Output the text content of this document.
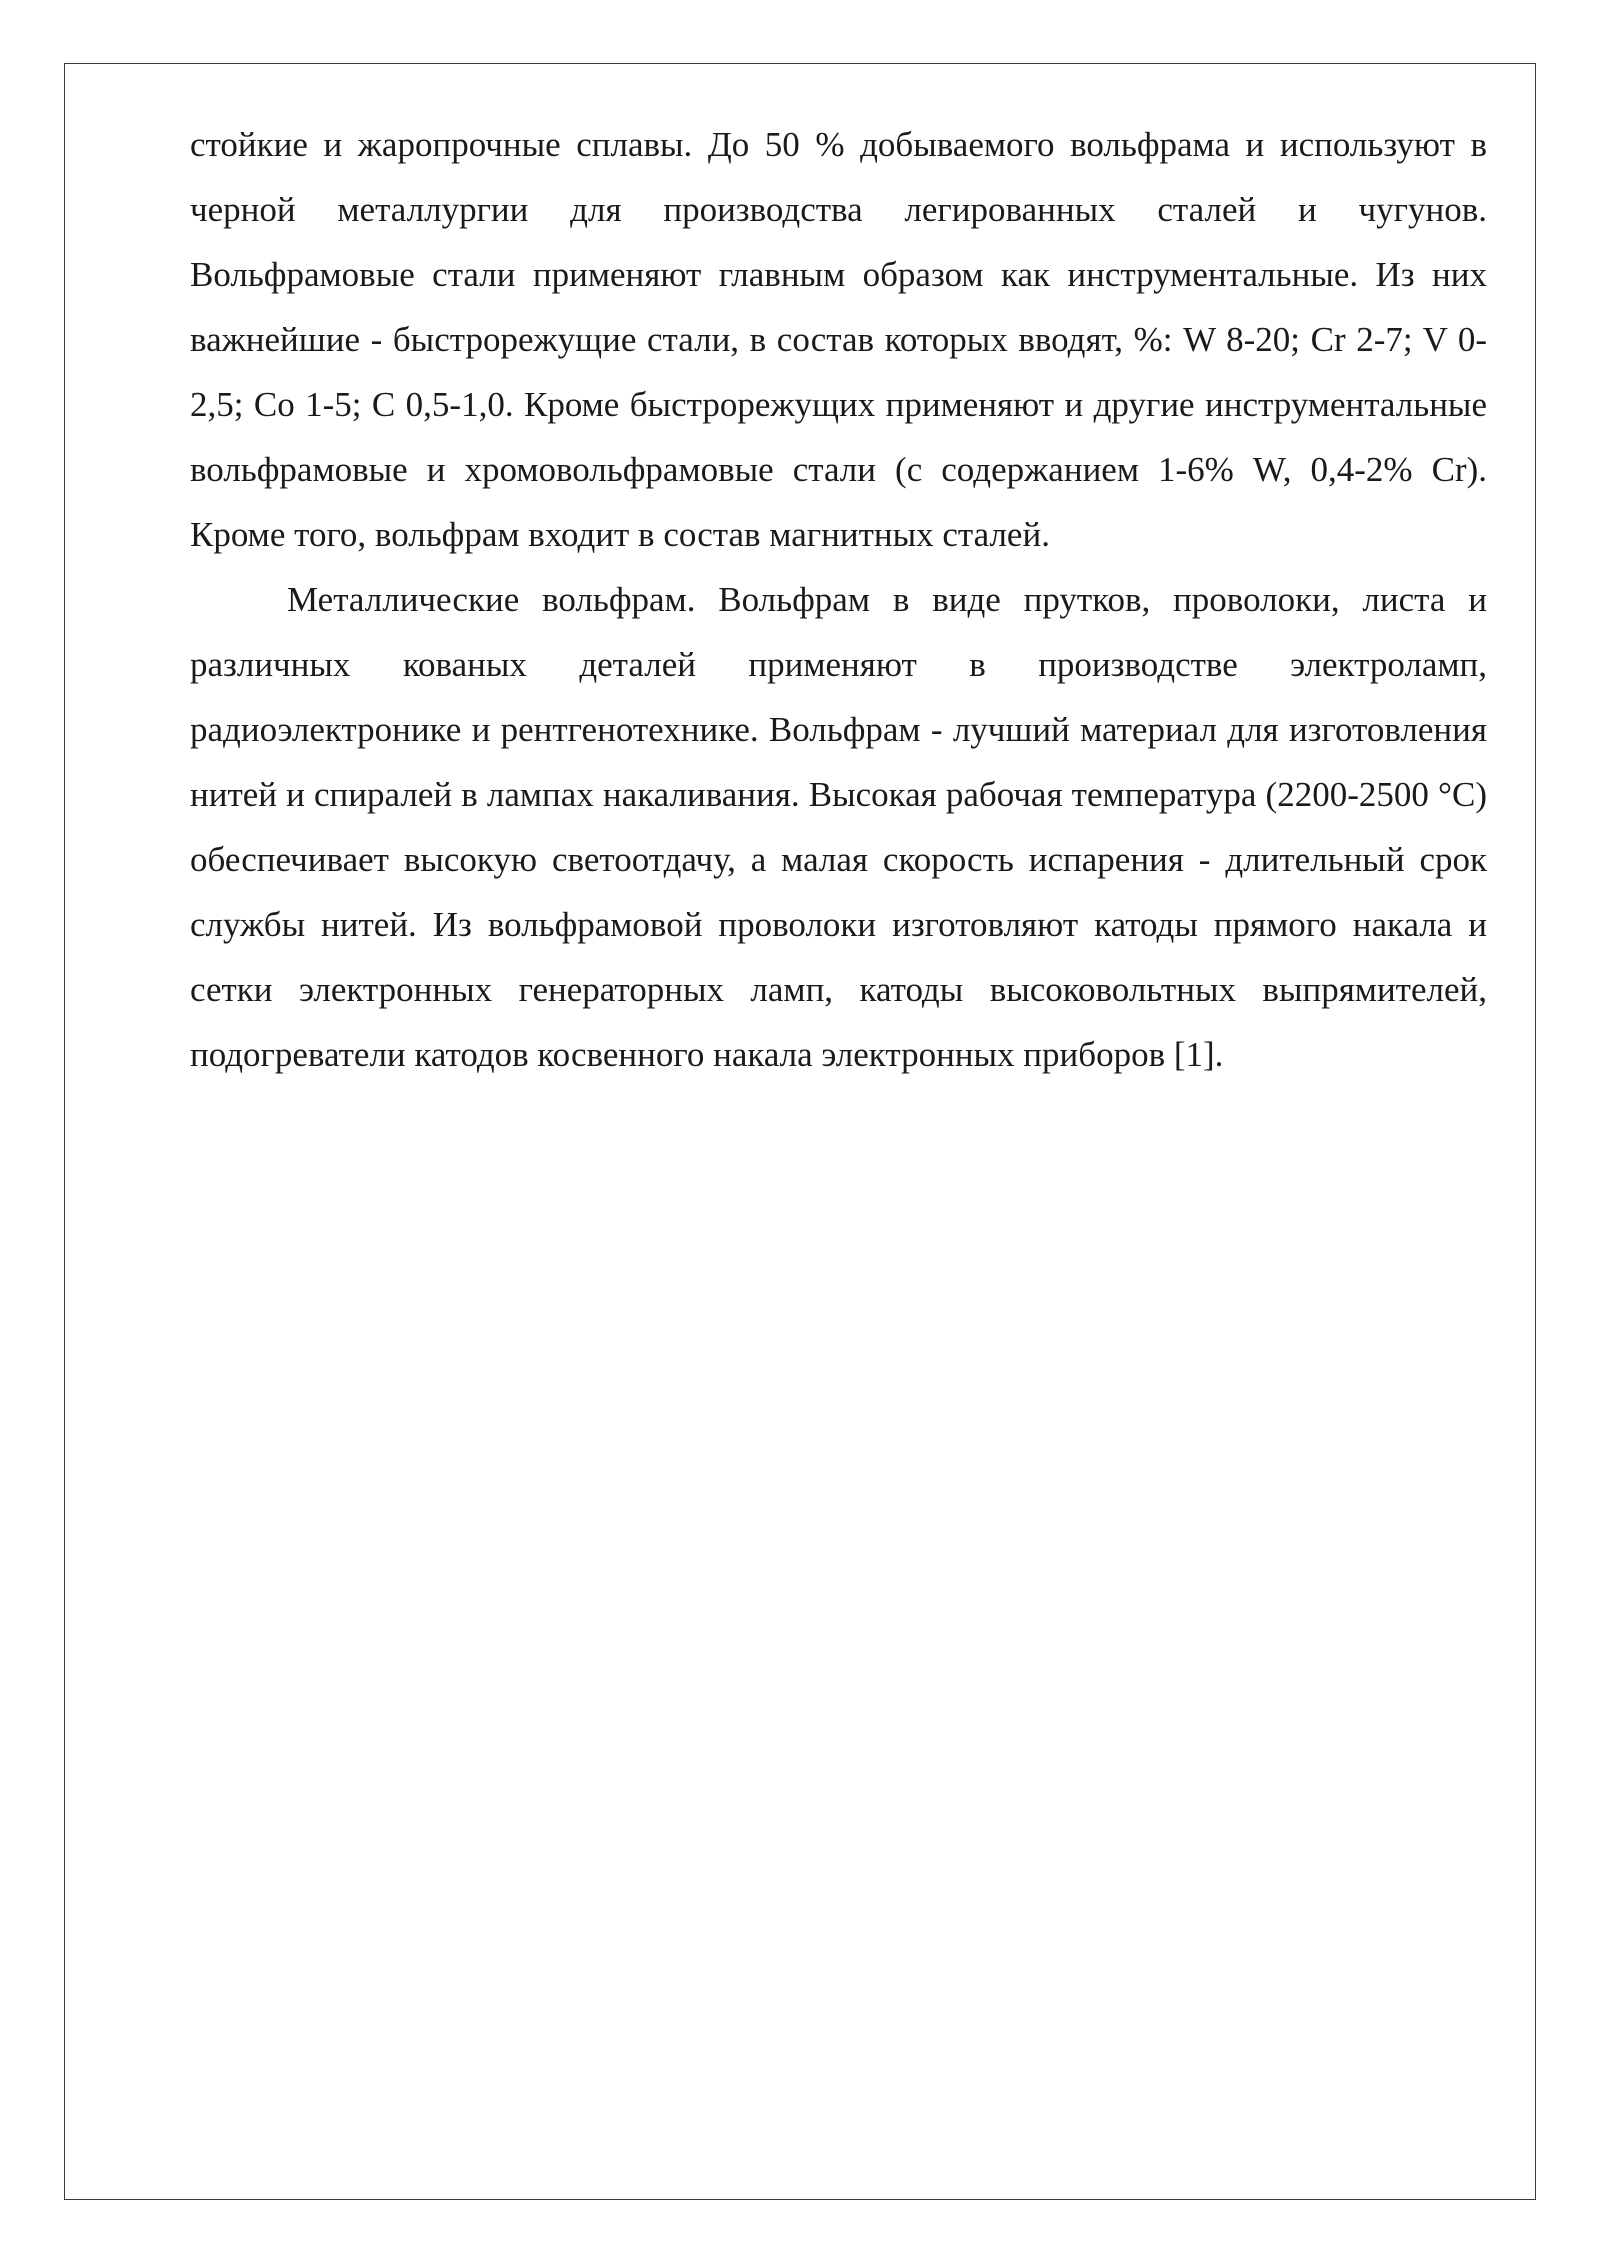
стойкие и жаропрочные сплавы. До 50 % добываемого вольфрама и используют в черной металлургии для производства легированных сталей и чугунов. Вольфрамовые стали применяют главным образом как инструментальные. Из них важнейшие - быстрорежущие стали, в состав которых вводят, %: W 8-20; Cr 2-7; V 0-2,5; Co 1-5; C 0,5-1,0. Кроме быстрорежущих применяют и другие инструментальные вольфрамовые и хромовольфрамовые стали (с содержанием 1-6% W, 0,4-2% Cr). Кроме того, вольфрам входит в состав магнитных сталей.

Металлические вольфрам. Вольфрам в виде прутков, проволоки, листа и различных кованых деталей применяют в производстве электроламп, радиоэлектронике и рентгенотехнике. Вольфрам - лучший материал для изготовления нитей и спиралей в лампах накаливания. Высокая рабочая температура (2200-2500 °С) обеспечивает высокую светоотдачу, а малая скорость испарения - длительный срок службы нитей. Из вольфрамовой проволоки изготовляют катоды прямого накала и сетки электронных генераторных ламп, катоды высоковольтных выпрямителей, подогреватели катодов косвенного накала электронных приборов [1].
